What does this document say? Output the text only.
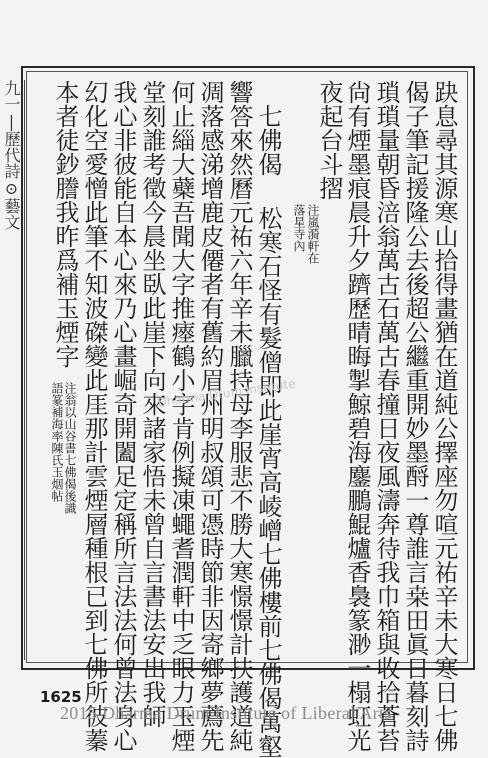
九一|歷代詩⊙藝文	趹息尋其源寒山拾得畫猶在道純公擇座勿喧元祐辛未大寒日七佛
偈子筆記援隆公去後超公繼重開妙墨酹一尊誰言桒田眞日暮刻詩
瑣瑣量朝昏涪翁萬古石萬古春撞日夜風濤奔待我巾箱與收拾蒼苔
尙有煙墨痕晨升夕躋歷晴晦掣鯨碧海鏖鵬鯤爐香裊篆渺一榻虹光
夜起台斗摺
注嵐漪軒在
落星寺內
七佛偈
松寒石怪有髮僧即此崖宵高崚嶒七佛樓前七佛偈萬壑
響答來然曆元祐六年辛未臘持母李服悲不勝大寒憬憬計扶護道純
凋落感涕增鹿皮僊者有舊約眉州明叔頌可憑時節非因寄鄉夢薦先
何止緇大蘗吾聞大字推瘞鶴小字肯例擬凍蠅耆潤軒中乏眼力玉煙
堂刻誰考徵今晨坐臥此崖下向來諸家悟未曾自言書法安出我師
我心非彼能自本心來乃心畫崛奇開闔足定稱所言法法何曾法身心
幻化空愛憎此筆不知波磔變此厓那計雲煙層種根已到七佛所彼蓁
本者徒鈔謄我昨爲補玉煙字
注翁以山谷書七佛偈後識
語篆補海率陳氏玉烟帖	Dharma Drum Institute
1625
2015 Dharma Drum Institute of Liberal Arts
